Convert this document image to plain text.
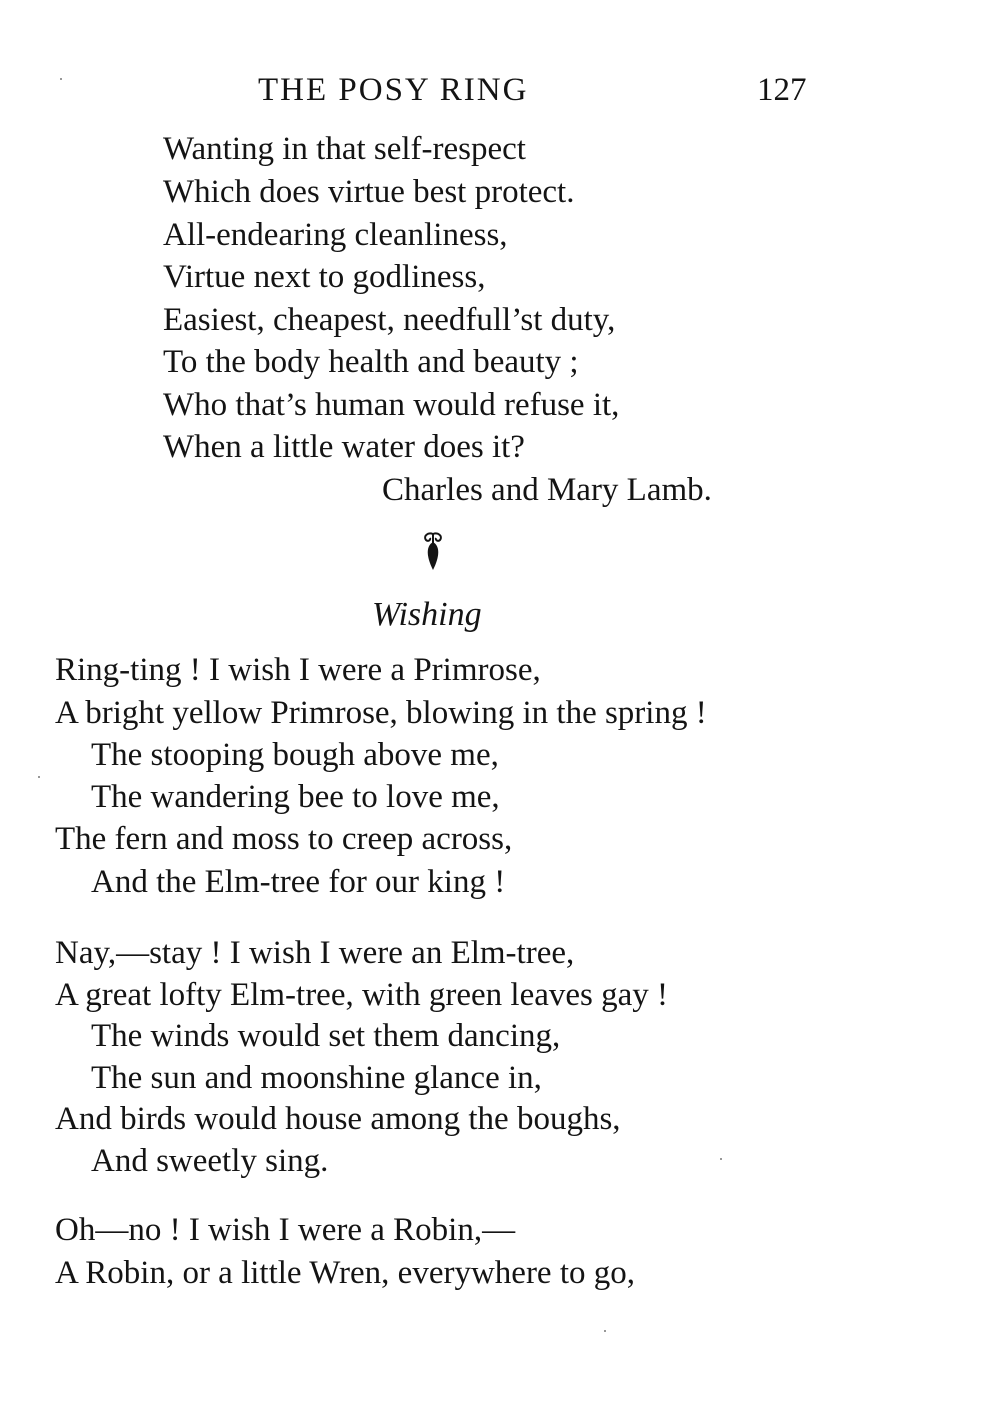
THE POSY RING	127
Wanting in that self-respect
Which does virtue best protect.
All-endearing cleanliness,
Virtue next to godliness,
Easiest, cheapest, needfull’st duty,
To the body health and beauty ;
Who that’s human would refuse it,
When a little water does it?
Charles and Mary Lamb.
Wishing
Ring-ting ! I wish I were a Primrose,
A bright yellow Primrose, blowing in the spring !
The stooping bough above me,
The wandering bee to love me,
The fern and moss to creep across,
And the Elm-tree for our king !
Nay,—stay ! I wish I were an Elm-tree,
A great lofty Elm-tree, with green leaves gay !
The winds would set them dancing,
The sun and moonshine glance in,
And birds would house among the boughs,
And sweetly sing.
Oh—no ! I wish I were a Robin,—
A Robin, or a little Wren, everywhere to go,
